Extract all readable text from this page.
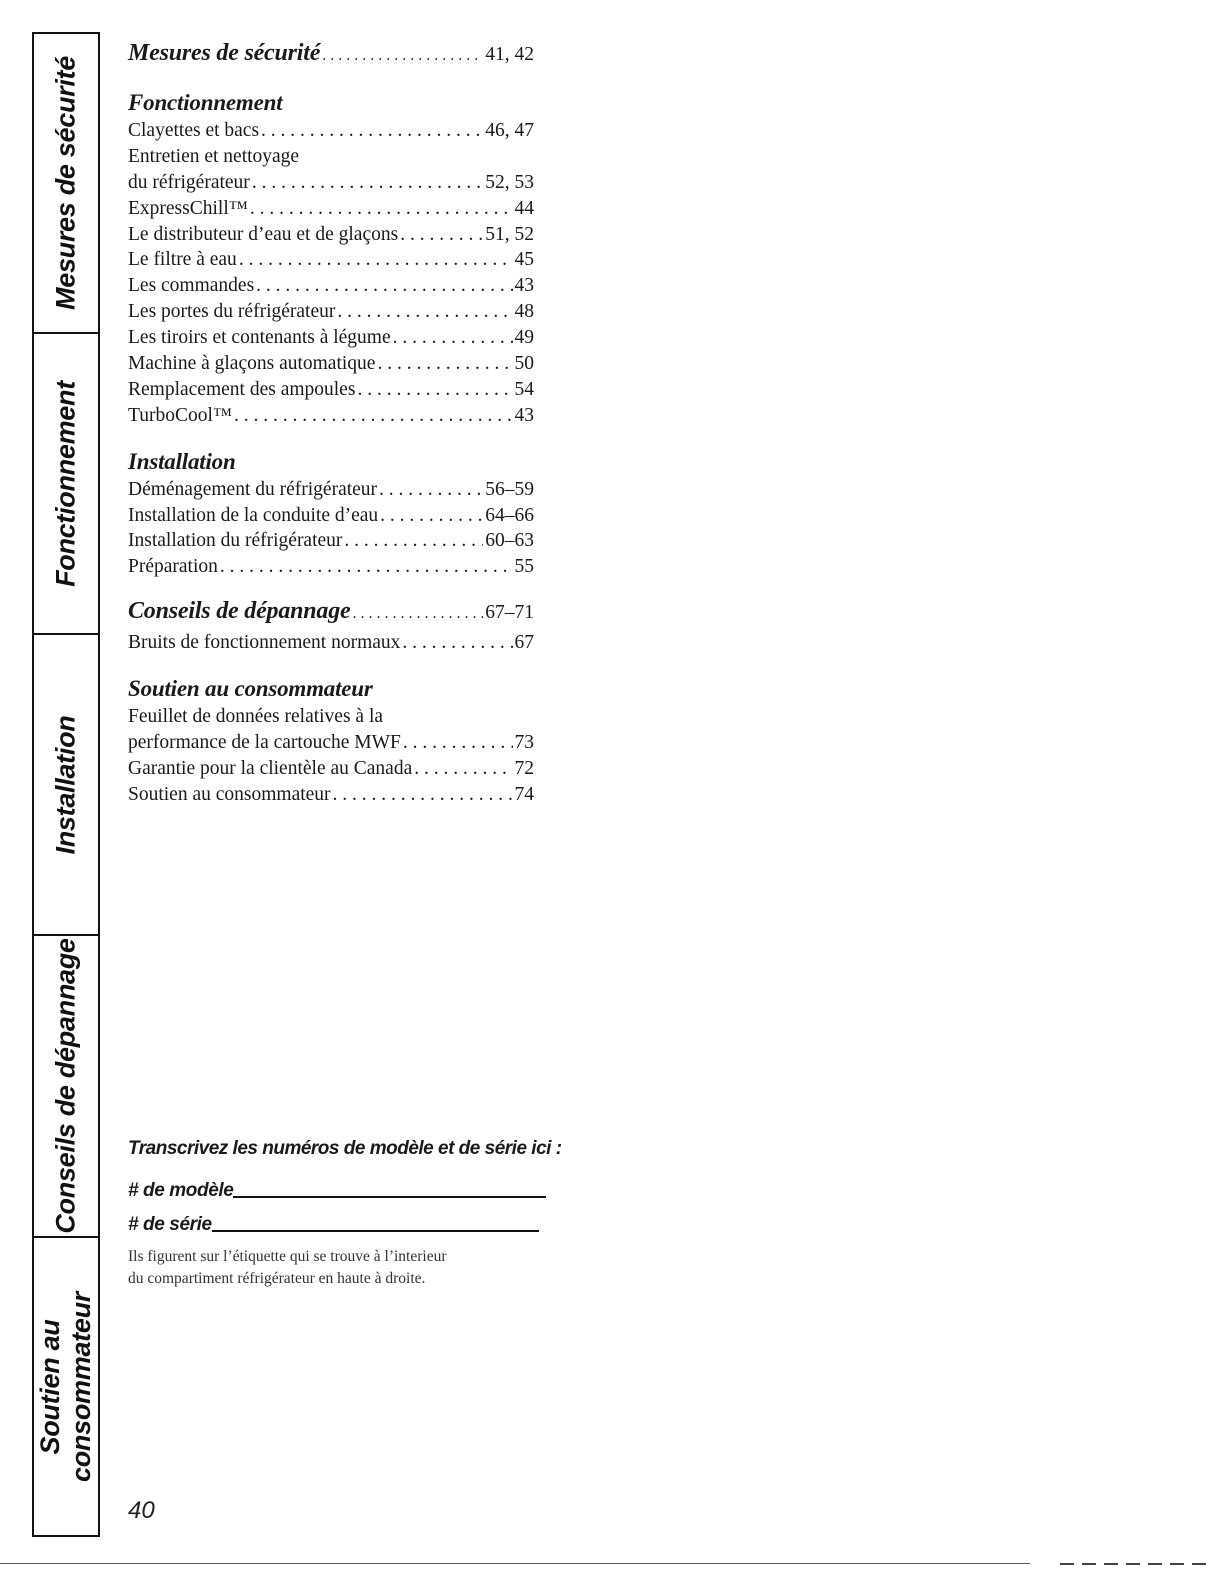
Mesures de sécurité
Fonctionnement
Installation
Conseils de dépannage
Soutien au consommateur
Mesures de sécurité . . .	41, 42
Fonctionnement
Clayettes et bacs . . .	46, 47
Entretien et nettoyage
du réfrigérateur . . .	52, 53
ExpressChill™ . . .	44
Le distributeur d’eau et de glaçons . . .	51, 52
Le filtre à eau . . .	45
Les commandes . . .	43
Les portes du réfrigérateur . . .	48
Les tiroirs et contenants à légume . . .	49
Machine à glaçons automatique . . .	50
Remplacement des ampoules . . .	54
TurboCool™ . . .	43
Installation
Déménagement du réfrigérateur . . .	56–59
Installation de la conduite d’eau . . .	64–66
Installation du réfrigérateur . . .	60–63
Préparation . . .	55
Conseils de dépannage . . .	67–71
Bruits de fonctionnement normaux . . .	67
Soutien au consommateur
Feuillet de données relatives à la
performance de la cartouche MWF . . .	73
Garantie pour la clientèle au Canada . . .	72
Soutien au consommateur . . .	74
Transcrivez les numéros de modèle et de série ici :
# de modèle
# de série
Ils figurent sur l’étiquette qui se trouve à l’interieur
du compartiment réfrigérateur en haute à droite.
40
